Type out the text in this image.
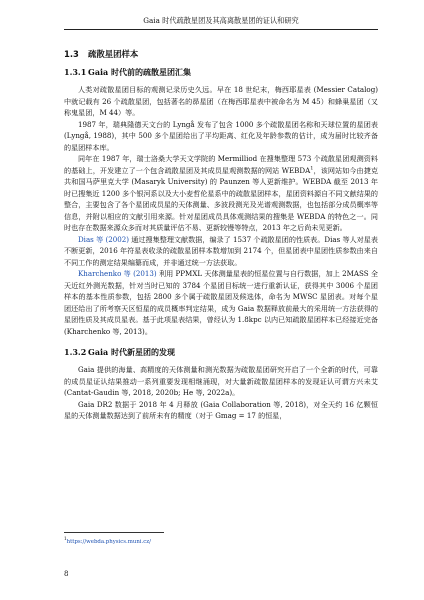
Gaia 时代疏散星团及其高离散星团的证认和研究
1.3 疏散星团样本
1.3.1 Gaia 时代前的疏散星团汇集

人类对疏散星团目标的观测记录历史久远。早在 18 世纪末，梅西耶星表 (Messier Catalog) 中就记载有 26 个疏散星团，包括著名的昴星团（在梅西耶星表中被命名为 M 45）和蜂巢星团（又称鬼星团，M 44）等。

1987 年，瑞典隆德天文台的 Lyngå 发布了包含 1000 多个疏散星团名称和天球位置的星团表 (Lyngå, 1988)，其中 500 多个星团给出了平均距离、红化及年龄参数的估计，成为届时比较齐备的星团样本库。

同年在 1987 年，瑞士洛桑大学天文学院的 Mermilliod 在搜集整理 573 个疏散星团观测资料的基础上，开发建立了一个包含疏散星团及其成员星观测数据的网站 WEBDA$^1$，该网站如今由捷克共和国马萨里克大学 (Masaryk University) 的 Paunzen 等人更新维护。WEBDA 截至 2013 年时已搜集近 1200 多个银河系以及大小麦哲伦星系中的疏散星团样本，星团资料源自不同文献结果的整合，主要包含了各个星团成员星的天体测量、多波段测光及光谱观测数据，也包括部分成员概率等信息，并附以相应的文献引用来源。针对星团成员具体观测结果的搜集是 WEBDA 的特色之一。同时也存在数据来源众多而对其质量评估不易、更新较慢等特点，2013 年之后尚未见更新。

Dias 等 (2002) 通过搜集整理文献数据，编录了 1537 个疏散星团的性质表。Dias 等人对星表不断更新，2016 年符星表收录的疏散星团样本数增加到 2174 个，但星团表中星团性质参数由来自不同工作的测定结果编纂而成，并非通过统一方法获取。

Kharchenko 等 (2013) 利用 PPMXL 天体测量星表的恒星位置与自行数据，加上 2MASS 全天近红外测光数据，针对当时已知的 3784 个星团目标统一进行重新认证，获得其中 3006 个星团样本的基本性质参数，包括 2800 多个属于疏散星团及候选体，命名为 MWSC 星团表。对每个星团还给出了所考察天区恒星的成员概率判定结果，成为 Gaia 数据释放前最大的采用统一方法获得的星团性质及其成员星表。基于此项星表结果，曾经认为 1.8kpc 以内已知疏散星团样本已经接近完备 (Kharchenko 等, 2013)。

1.3.2 Gaia 时代新星团的发现

Gaia 提供的海量、高精度的天体测量和测光数据为疏散星团研究开启了一个全新的时代，可靠的成员星证认结果推动一系列重要发现相继涌现，对大量新疏散星团样本的发现证认可谓方兴未艾 (Cantat-Gaudin 等, 2018, 2020b; He 等, 2022a)。

Gaia DR2 数据于 2018 年 4 月释放 (Gaia Collaboration 等, 2018)，对全天约 16 亿颗恒星的天体测量数据达到了前所未有的精度（对于 Gmag = 17 的恒星，

$^1$https://webda.physics.muni.cz/
8
